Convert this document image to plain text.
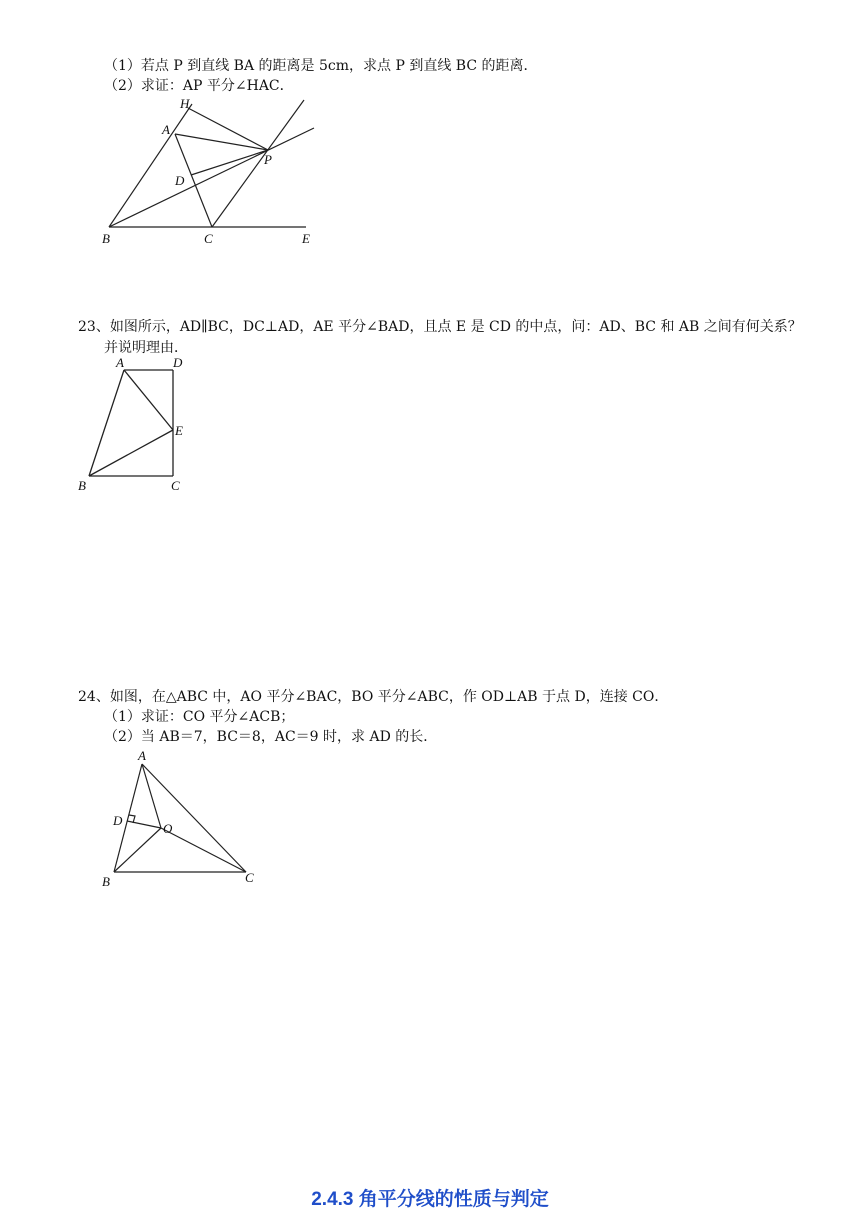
（1）若点 P 到直线 BA 的距离是 5cm，求点 P 到直线 BC 的距离．
（2）求证：AP 平分∠HAC．
H
A
P
D
B	C	E
23、如图所示，AD∥BC，DC⊥AD，AE 平分∠BAD，且点 E 是 CD 的中点，问：AD、BC 和 AB 之间有何关系？
并说明理由．
A	D
E
B	C
24、如图，在△ABC 中，AO 平分∠BAC，BO 平分∠ABC，作 OD⊥AB 于点 D，连接 CO．
（1）求证：CO 平分∠ACB；
（2）当 AB＝7，BC＝8，AC＝9 时，求 AD 的长．
A
D
O
B	C
2.4.3 角平分线的性质与判定
